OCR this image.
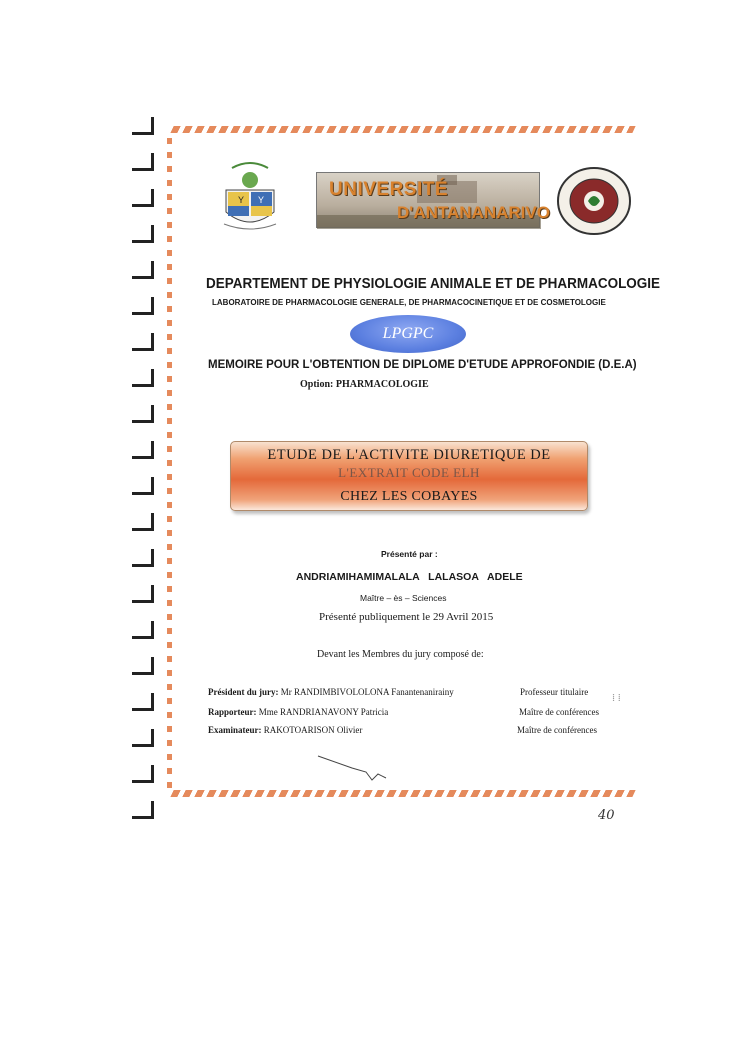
Y Y	UNIVERSITÉ
D'ANTANANARIVO
DEPARTEMENT DE PHYSIOLOGIE ANIMALE ET DE PHARMACOLOGIE
LABORATOIRE DE PHARMACOLOGIE GENERALE, DE PHARMACOCINETIQUE ET DE COSMETOLOGIE
LPGPC
MEMOIRE POUR L'OBTENTION DE DIPLOME D'ETUDE APPROFONDIE (D.E.A)
Option: PHARMACOLOGIE
ETUDE DE L'ACTIVITE DIURETIQUE DE
L'EXTRAIT CODE ELH
CHEZ LES COBAYES
Présenté par :
ANDRIAMIHAMIMALALA LALASOA ADELE
Maître – ès – Sciences
Présenté publiquement le 29 Avril 2015
Devant les Membres du jury composé de:
Président du jury: Mr RANDIMBIVOLOLONA Fanantenanirainy	Professeur titulaire
Rapporteur: Mme RANDRIANAVONY Patricia	Maître de conférences
Examinateur: RAKOTOARISON Olivier	Maître de conférences
⁞ ⁞
40
